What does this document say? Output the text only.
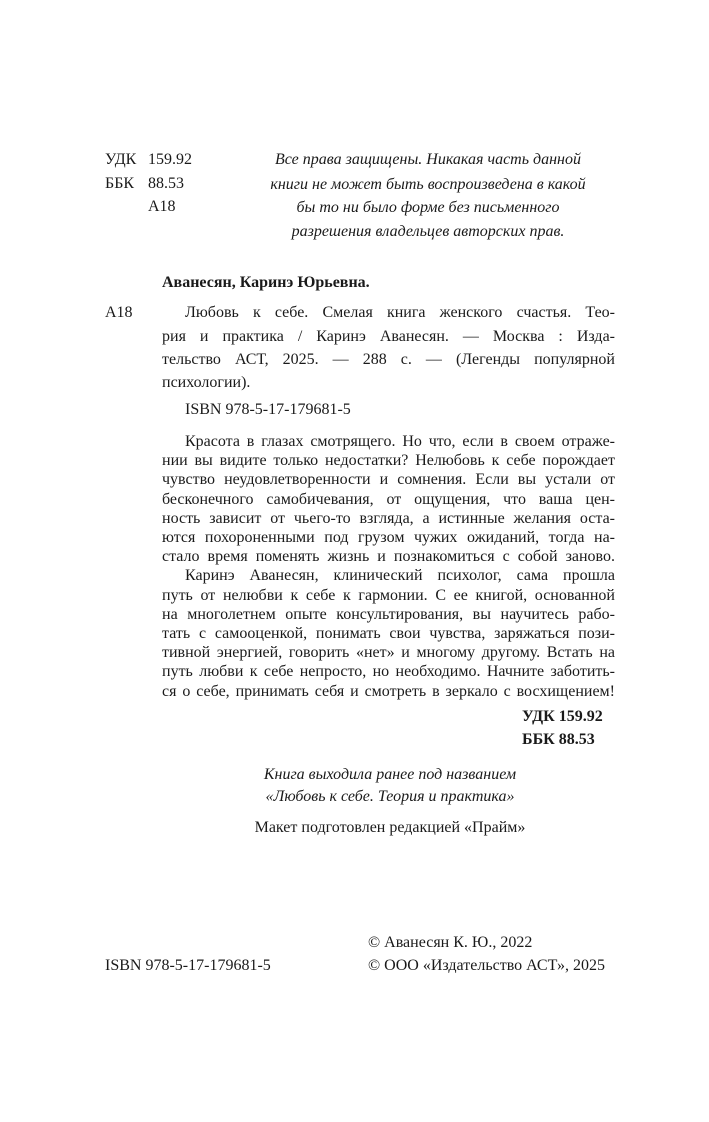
УДК 159.92
ББК 88.53
А18
Все права защищены. Никакая часть данной
книги не может быть воспроизведена в какой
бы то ни было форме без письменного
разрешения владельцев авторских прав.
Аванесян, Каринэ Юрьевна.
А18	Любовь к себе. Смелая книга женского счастья. Тео-
рия и практика / Каринэ Аванесян. — Москва : Изда-
тельство АСТ, 2025. — 288 с. — (Легенды популярной
психологии).
ISBN 978-5-17-179681-5
Красота в глазах смотрящего. Но что, если в своем отраже-
нии вы видите только недостатки? Нелюбовь к себе порождает
чувство неудовлетворенности и сомнения. Если вы устали от
бесконечного самобичевания, от ощущения, что ваша цен-
ность зависит от чьего-то взгляда, а истинные желания оста-
ются похороненными под грузом чужих ожиданий, тогда на-
стало время поменять жизнь и познакомиться с собой заново.
Каринэ Аванесян, клинический психолог, сама прошла
путь от нелюбви к себе к гармонии. С ее книгой, основанной
на многолетнем опыте консультирования, вы научитесь рабо-
тать с самооценкой, понимать свои чувства, заряжаться пози-
тивной энергией, говорить «нет» и многому другому. Встать на
путь любви к себе непросто, но необходимо. Начните заботить-
ся о себе, принимать себя и смотреть в зеркало с восхищением!
УДК 159.92
ББК 88.53
Книга выходила ранее под названием
«Любовь к себе. Теория и практика»
Макет подготовлен редакцией «Прайм»
© Аванесян К. Ю., 2022
ISBN 978-5-17-179681-5	© ООО «Издательство АСТ», 2025
